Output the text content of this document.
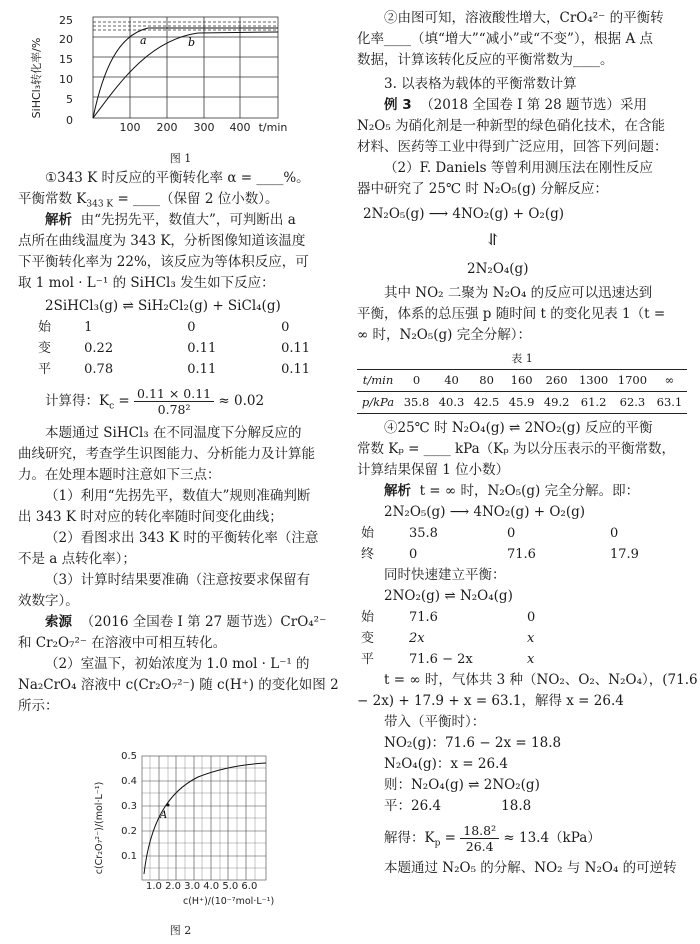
SiHCl₃转化率/%
25
20
15
10
5
0
100 200 300 400 t/min
a	b
图 1

①343 K 时反应的平衡转化率 α = ____%。

平衡常数 $K_{343 K}$ = ____（保留 2 位小数）。

解析 由“先拐先平，数值大”，可判断出 a

点所在曲线温度为 343 K，分析图像知道该温度

下平衡转化率为 22%，该反应为等体积反应，可

取 1 mol · L⁻¹ 的 SiHCl₃ 发生如下反应：

2SiHCl₃(g) ⇌ SiH₂Cl₂(g) + SiCl₄(g)

始	1	0	0
变	0.22	0.11	0.11
平	0.78	0.11	0.11

计算得：$K_c = \frac{0.11 \times 0.11}{\text{0.78²}} \approx 0.02$

本题通过 SiHCl₃ 在不同温度下分解反应的

曲线研究，考查学生识图能力、分析能力及计算能

力。在处理本题时注意如下三点：

（1）利用“先拐先平，数值大”规则准确判断

出 343 K 时对应的转化率随时间变化曲线；

（2）看图求出 343 K 时的平衡转化率（注意

不是 a 点转化率）；

（3）计算时结果要准确（注意按要求保留有

效数字）。

索源 （2016 全国卷 Ⅰ 第 27 题节选）CrO₄²⁻

和 Cr₂O₇²⁻ 在溶液中可相互转化。

（2）室温下，初始浓度为 1.0 mol · L⁻¹ 的

Na₂CrO₄ 溶液中 c(Cr₂O₇²⁻) 随 c(H⁺) 的变化如图 2

所示：

c(Cr₂O₇²⁻)/(mol·L⁻¹)
0.5
0.4
0.3
0.2
0.1
1.0 2.0 3.0 4.0 5.0 6.0
c(H⁺)/(10⁻⁷mol·L⁻¹)
A
图 2

②由图可知，溶液酸性增大，CrO₄²⁻ 的平衡转

化率____（填“增大”“减小”或“不变”），根据 A 点

数据，计算该转化反应的平衡常数为____。

3. 以表格为载体的平衡常数计算

例 3 （2018 全国卷 Ⅰ 第 28 题节选）采用

N₂O₅ 为硝化剂是一种新型的绿色硝化技术，在含能

材料、医药等工业中得到广泛应用，回答下列问题：

（2）F. Daniels 等曾利用测压法在刚性反应

器中研究了 25℃ 时 N₂O₅(g) 分解反应：

2N₂O₅(g) ⟶ 4NO₂(g) + O₂(g)

⥯

2N₂O₄(g)

其中 NO₂ 二聚为 N₂O₄ 的反应可以迅速达到

平衡，体系的总压强 p 随时间 t 的变化见表 1（t =

∞ 时，N₂O₅(g) 完全分解）：

表 1
t/min	0	40	80	160	260	1300	1700	∞
p/kPa	35.8	40.3	42.5	45.9	49.2	61.2	62.3	63.1

④25℃ 时 N₂O₄(g) ⇌ 2NO₂(g) 反应的平衡

常数 Kₚ = ____ kPa（Kₚ 为以分压表示的平衡常数，

计算结果保留 1 位小数）

解析 t = ∞ 时，N₂O₅(g) 完全分解。即：

2N₂O₅(g) ⟶ 4NO₂(g) + O₂(g)

始	35.8	0	0
终	0	71.6	17.9

同时快速建立平衡：

2NO₂(g) ⇌ N₂O₄(g)

始	71.6	0
变	2x	x
平	71.6 − 2x	x

t = ∞ 时，气体共 3 种（NO₂、O₂、N₂O₄），(71.6

− 2x) + 17.9 + x = 63.1，解得 x = 26.4

带入（平衡时）：

NO₂(g)：71.6 − 2x = 18.8

N₂O₄(g)：x = 26.4

则：N₂O₄(g) ⇌ 2NO₂(g)

平：26.4              18.8

解得：$K_p = \frac{\text{18.8²}}{26.4} \approx 13.4(kPa)$

本题通过 N₂O₅ 的分解、NO₂ 与 N₂O₄ 的可逆转
